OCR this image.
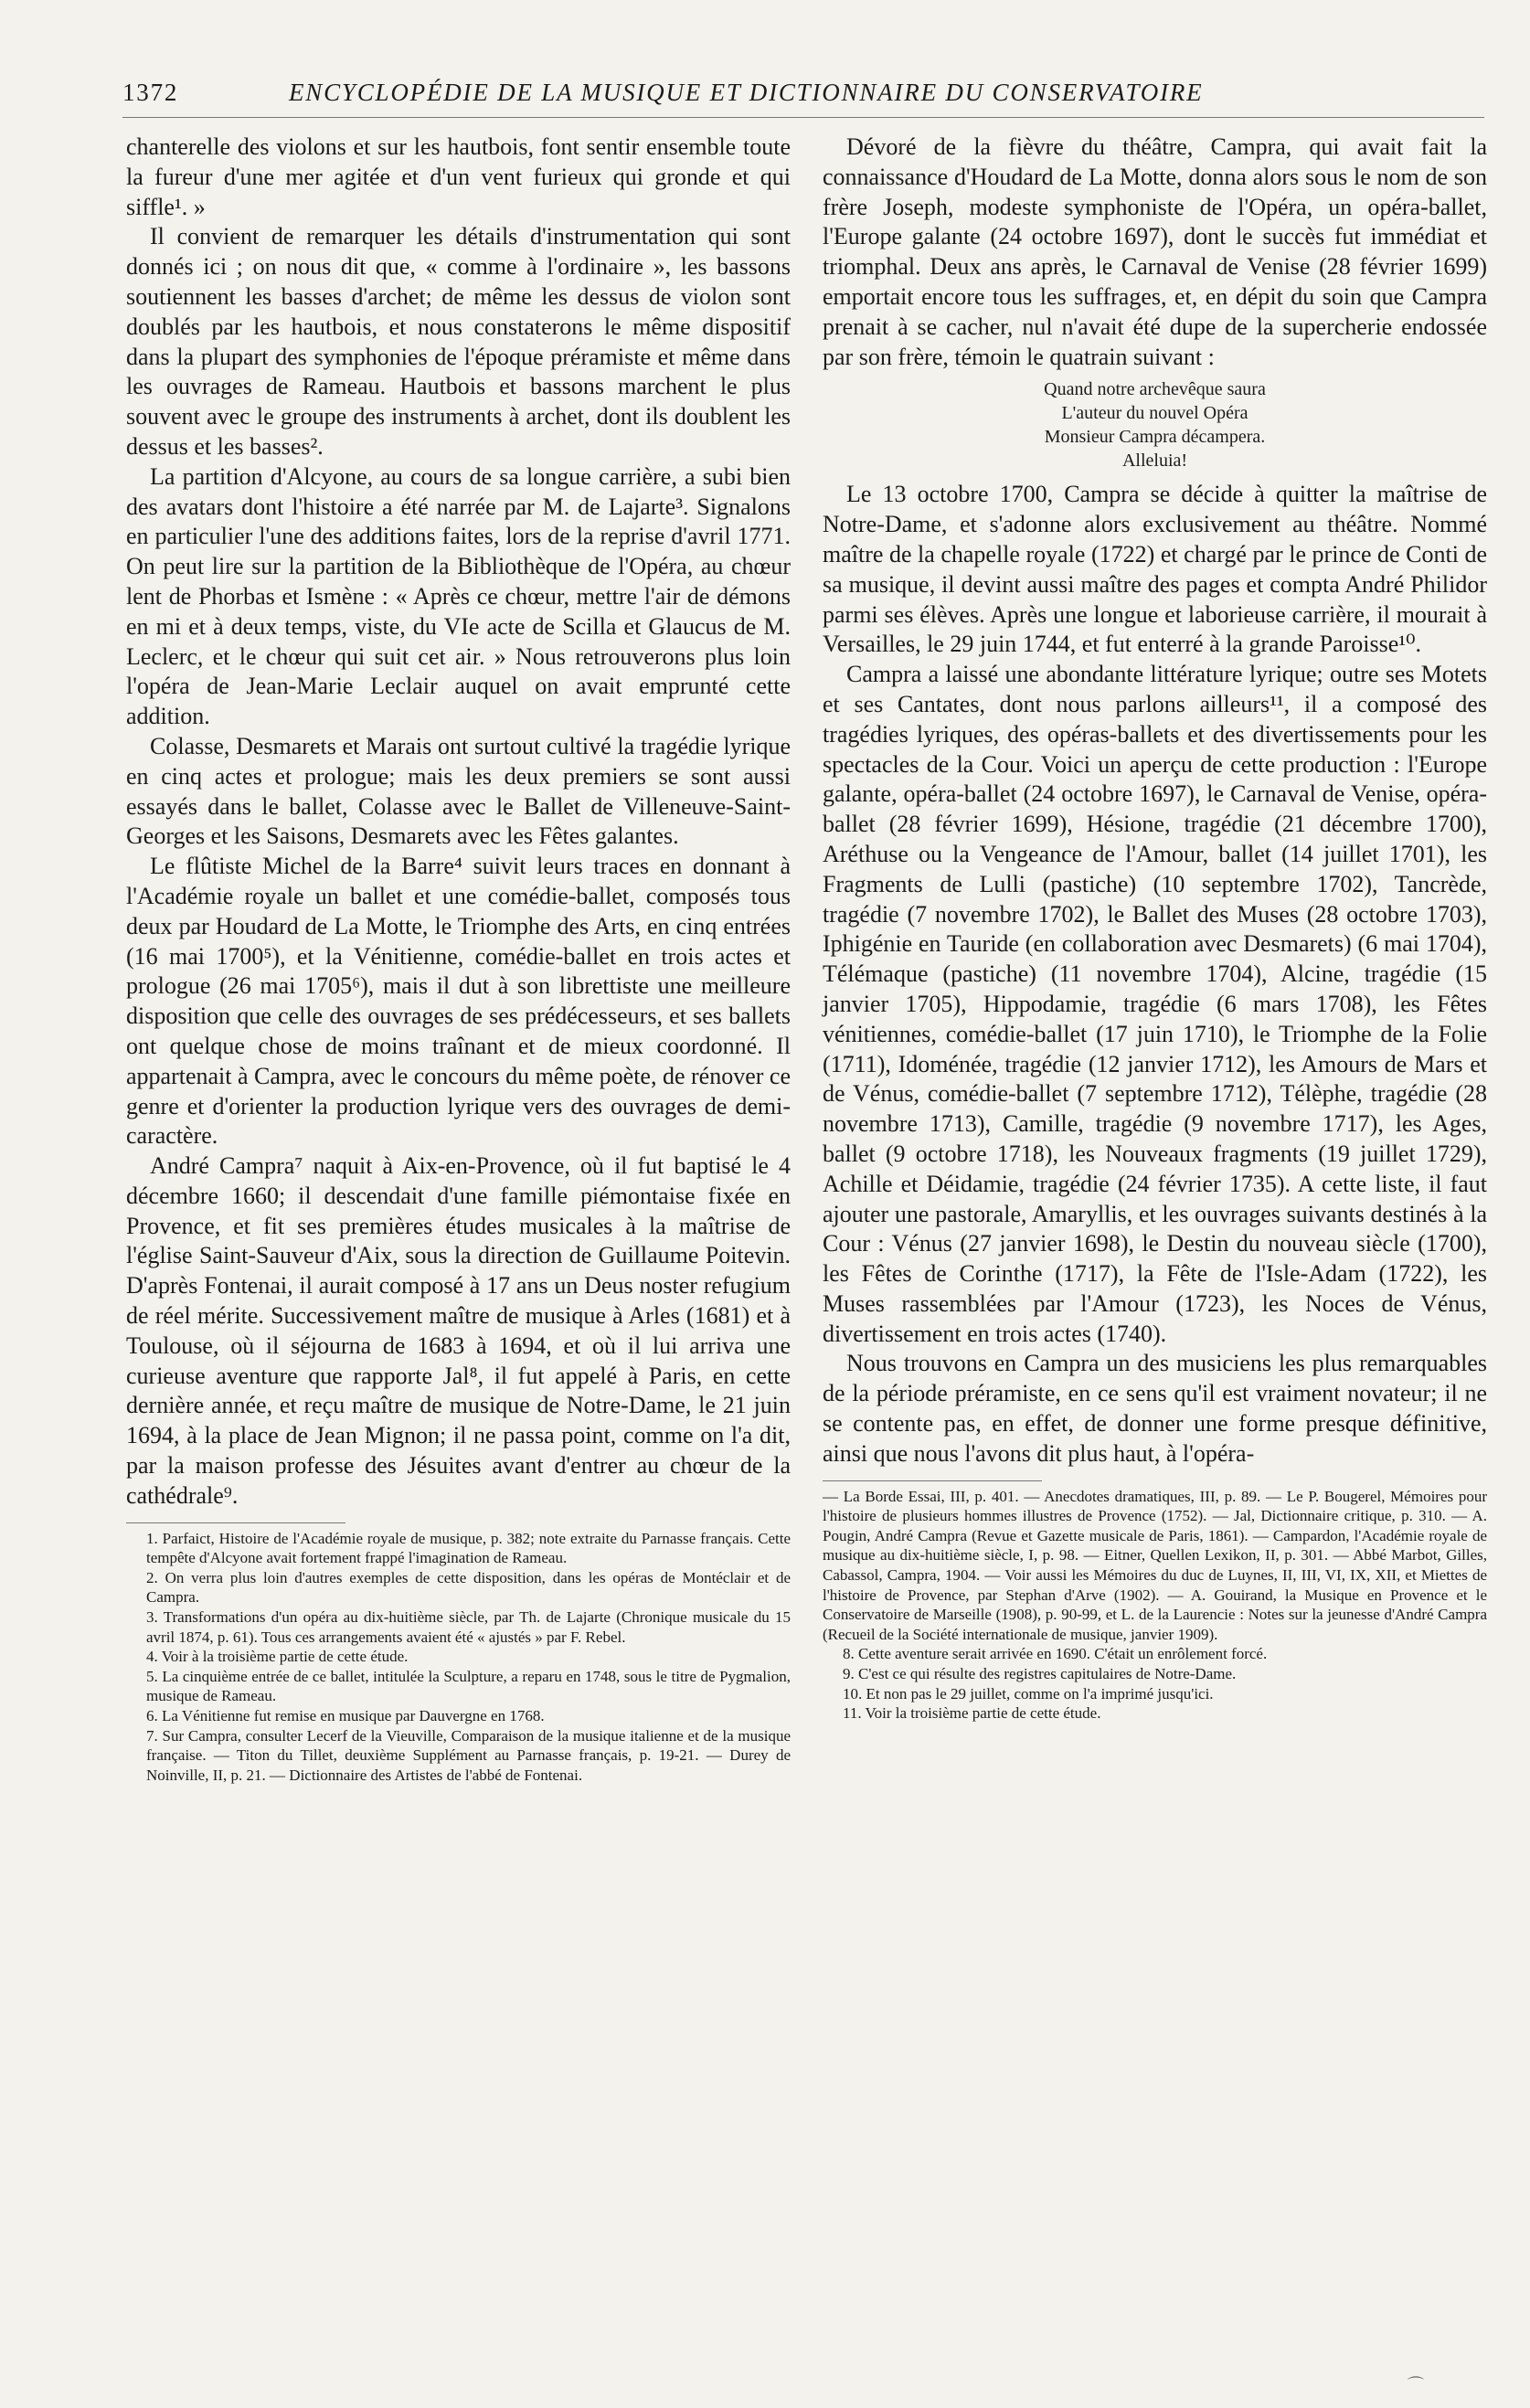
1372	ENCYCLOPÉDIE DE LA MUSIQUE ET DICTIONNAIRE DU CONSERVATOIRE

chanterelle des violons et sur les hautbois, font sentir ensemble toute la fureur d'une mer agitée et d'un vent furieux qui gronde et qui siffle¹. »

Il convient de remarquer les détails d'instrumentation qui sont donnés ici ; on nous dit que, « comme à l'ordinaire », les bassons soutiennent les basses d'archet; de même les dessus de violon sont doublés par les hautbois, et nous constaterons le même dispositif dans la plupart des symphonies de l'époque préramiste et même dans les ouvrages de Rameau. Hautbois et bassons marchent le plus souvent avec le groupe des instruments à archet, dont ils doublent les dessus et les basses².

La partition d'Alcyone, au cours de sa longue carrière, a subi bien des avatars dont l'histoire a été narrée par M. de Lajarte³. Signalons en particulier l'une des additions faites, lors de la reprise d'avril 1771. On peut lire sur la partition de la Bibliothèque de l'Opéra, au chœur lent de Phorbas et Ismène : « Après ce chœur, mettre l'air de démons en mi et à deux temps, viste, du VIe acte de Scilla et Glaucus de M. Leclerc, et le chœur qui suit cet air. » Nous retrouverons plus loin l'opéra de Jean-Marie Leclair auquel on avait emprunté cette addition.

Colasse, Desmarets et Marais ont surtout cultivé la tragédie lyrique en cinq actes et prologue; mais les deux premiers se sont aussi essayés dans le ballet, Colasse avec le Ballet de Villeneuve-Saint-Georges et les Saisons, Desmarets avec les Fêtes galantes.

Le flûtiste Michel de la Barre⁴ suivit leurs traces en donnant à l'Académie royale un ballet et une comédie-ballet, composés tous deux par Houdard de La Motte, le Triomphe des Arts, en cinq entrées (16 mai 1700⁵), et la Vénitienne, comédie-ballet en trois actes et prologue (26 mai 1705⁶), mais il dut à son librettiste une meilleure disposition que celle des ouvrages de ses prédécesseurs, et ses ballets ont quelque chose de moins traînant et de mieux coordonné. Il appartenait à Campra, avec le concours du même poète, de rénover ce genre et d'orienter la production lyrique vers des ouvrages de demi-caractère.

André Campra⁷ naquit à Aix-en-Provence, où il fut baptisé le 4 décembre 1660; il descendait d'une famille piémontaise fixée en Provence, et fit ses premières études musicales à la maîtrise de l'église Saint-Sauveur d'Aix, sous la direction de Guillaume Poitevin. D'après Fontenai, il aurait composé à 17 ans un Deus noster refugium de réel mérite. Successivement maître de musique à Arles (1681) et à Toulouse, où il séjourna de 1683 à 1694, et où il lui arriva une curieuse aventure que rapporte Jal⁸, il fut appelé à Paris, en cette dernière année, et reçu maître de musique de Notre-Dame, le 21 juin 1694, à la place de Jean Mignon; il ne passa point, comme on l'a dit, par la maison professe des Jésuites avant d'entrer au chœur de la cathédrale⁹.

1. Parfaict, Histoire de l'Académie royale de musique, p. 382; note extraite du Parnasse français. Cette tempête d'Alcyone avait fortement frappé l'imagination de Rameau.

2. On verra plus loin d'autres exemples de cette disposition, dans les opéras de Montéclair et de Campra.

3. Transformations d'un opéra au dix-huitième siècle, par Th. de Lajarte (Chronique musicale du 15 avril 1874, p. 61). Tous ces arrangements avaient été « ajustés » par F. Rebel.

4. Voir à la troisième partie de cette étude.

5. La cinquième entrée de ce ballet, intitulée la Sculpture, a reparu en 1748, sous le titre de Pygmalion, musique de Rameau.

6. La Vénitienne fut remise en musique par Dauvergne en 1768.

7. Sur Campra, consulter Lecerf de la Vieuville, Comparaison de la musique italienne et de la musique française. — Titon du Tillet, deuxième Supplément au Parnasse français, p. 19-21. — Durey de Noinville, II, p. 21. — Dictionnaire des Artistes de l'abbé de Fontenai.

Dévoré de la fièvre du théâtre, Campra, qui avait fait la connaissance d'Houdard de La Motte, donna alors sous le nom de son frère Joseph, modeste symphoniste de l'Opéra, un opéra-ballet, l'Europe galante (24 octobre 1697), dont le succès fut immédiat et triomphal. Deux ans après, le Carnaval de Venise (28 février 1699) emportait encore tous les suffrages, et, en dépit du soin que Campra prenait à se cacher, nul n'avait été dupe de la supercherie endossée par son frère, témoin le quatrain suivant :

Quand notre archevêque saura
L'auteur du nouvel Opéra
Monsieur Campra décampera.
Alleluia!

Le 13 octobre 1700, Campra se décide à quitter la maîtrise de Notre-Dame, et s'adonne alors exclusivement au théâtre. Nommé maître de la chapelle royale (1722) et chargé par le prince de Conti de sa musique, il devint aussi maître des pages et compta André Philidor parmi ses élèves. Après une longue et laborieuse carrière, il mourait à Versailles, le 29 juin 1744, et fut enterré à la grande Paroisse¹⁰.

Campra a laissé une abondante littérature lyrique; outre ses Motets et ses Cantates, dont nous parlons ailleurs¹¹, il a composé des tragédies lyriques, des opéras-ballets et des divertissements pour les spectacles de la Cour. Voici un aperçu de cette production : l'Europe galante, opéra-ballet (24 octobre 1697), le Carnaval de Venise, opéra-ballet (28 février 1699), Hésione, tragédie (21 décembre 1700), Aréthuse ou la Vengeance de l'Amour, ballet (14 juillet 1701), les Fragments de Lulli (pastiche) (10 septembre 1702), Tancrède, tragédie (7 novembre 1702), le Ballet des Muses (28 octobre 1703), Iphigénie en Tauride (en collaboration avec Desmarets) (6 mai 1704), Télémaque (pastiche) (11 novembre 1704), Alcine, tragédie (15 janvier 1705), Hippodamie, tragédie (6 mars 1708), les Fêtes vénitiennes, comédie-ballet (17 juin 1710), le Triomphe de la Folie (1711), Idoménée, tragédie (12 janvier 1712), les Amours de Mars et de Vénus, comédie-ballet (7 septembre 1712), Télèphe, tragédie (28 novembre 1713), Camille, tragédie (9 novembre 1717), les Ages, ballet (9 octobre 1718), les Nouveaux fragments (19 juillet 1729), Achille et Déidamie, tragédie (24 février 1735). A cette liste, il faut ajouter une pastorale, Amaryllis, et les ouvrages suivants destinés à la Cour : Vénus (27 janvier 1698), le Destin du nouveau siècle (1700), les Fêtes de Corinthe (1717), la Fête de l'Isle-Adam (1722), les Muses rassemblées par l'Amour (1723), les Noces de Vénus, divertissement en trois actes (1740).

Nous trouvons en Campra un des musiciens les plus remarquables de la période préramiste, en ce sens qu'il est vraiment novateur; il ne se contente pas, en effet, de donner une forme presque définitive, ainsi que nous l'avons dit plus haut, à l'opéra-

— La Borde Essai, III, p. 401. — Anecdotes dramatiques, III, p. 89. — Le P. Bougerel, Mémoires pour l'histoire de plusieurs hommes illustres de Provence (1752). — Jal, Dictionnaire critique, p. 310. — A. Pougin, André Campra (Revue et Gazette musicale de Paris, 1861). — Campardon, l'Académie royale de musique au dix-huitième siècle, I, p. 98. — Eitner, Quellen Lexikon, II, p. 301. — Abbé Marbot, Gilles, Cabassol, Campra, 1904. — Voir aussi les Mémoires du duc de Luynes, II, III, VI, IX, XII, et Miettes de l'histoire de Provence, par Stephan d'Arve (1902). — A. Gouirand, la Musique en Provence et le Conservatoire de Marseille (1908), p. 90-99, et L. de la Laurencie : Notes sur la jeunesse d'André Campra (Recueil de la Société internationale de musique, janvier 1909).

8. Cette aventure serait arrivée en 1690. C'était un enrôlement forcé.

9. C'est ce qui résulte des registres capitulaires de Notre-Dame.

10. Et non pas le 29 juillet, comme on l'a imprimé jusqu'ici.

11. Voir la troisième partie de cette étude.

⌒
